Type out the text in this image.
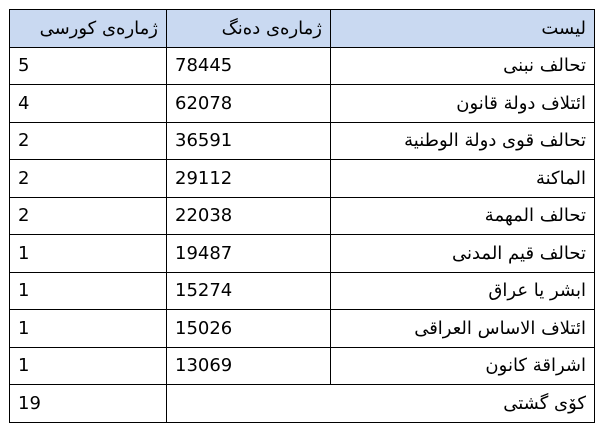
لیست	ژمارەی دەنگ	ژمارەی کورسی
تحالف نبنى	78445	5
ائتلاف دولة قانون	62078	4
تحالف قوى دولة الوطنية	36591	2
الماكنة	29112	2
تحالف المهمة	22038	2
تحالف قيم المدنى	19487	1
ابشر يا عراق	15274	1
ائتلاف الاساس العراقى	15026	1
اشراقة كانون	13069	1
کۆی گشتی		19
